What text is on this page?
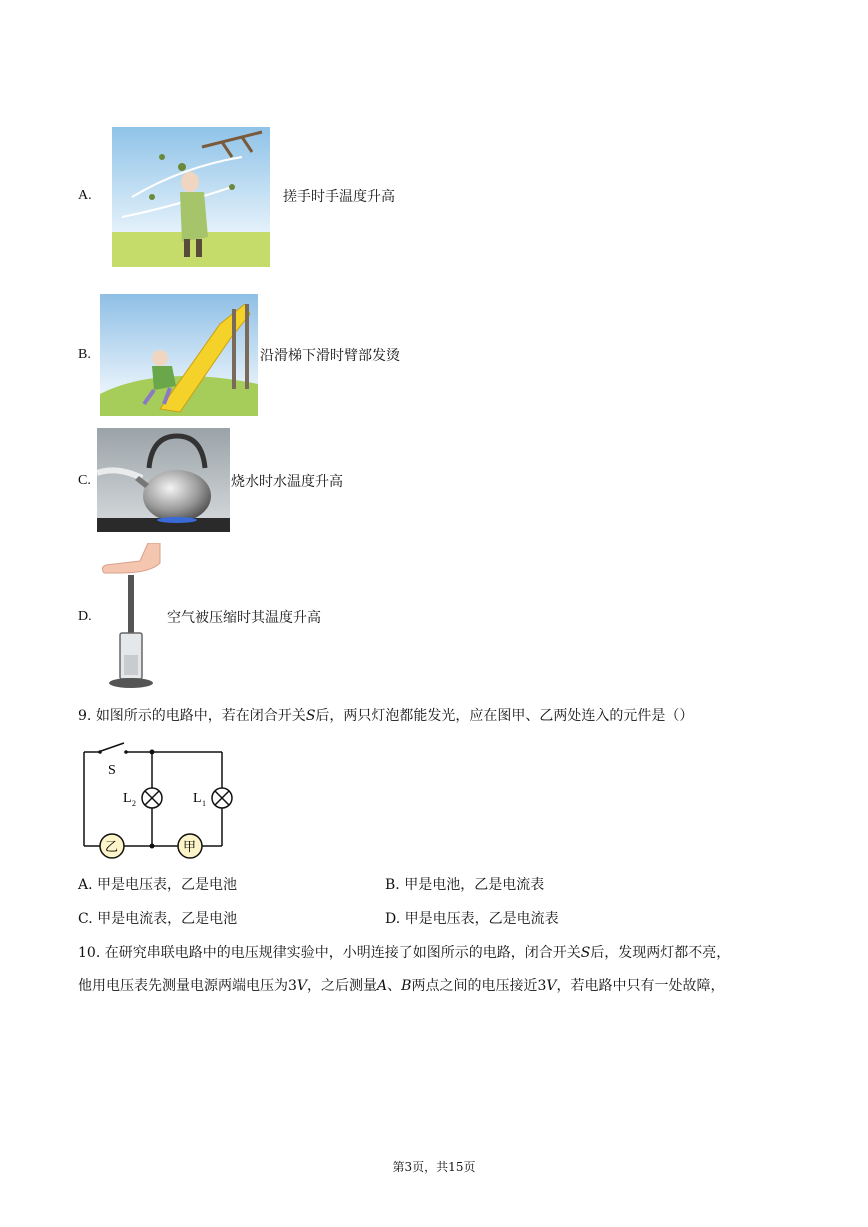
A.	搓手时手温度升高
B.	沿滑梯下滑时臂部发烫
C.	烧水时水温度升高
D.	空气被压缩时其温度升高
9. 如图所示的电路中，若在闭合开关S后，两只灯泡都能发光，应在图甲、乙两处连入的元件是（）
S
L 2	L 1
乙	甲
A. 甲是电压表，乙是电池	B. 甲是电池，乙是电流表
C. 甲是电流表，乙是电池	D. 甲是电压表，乙是电流表
10. 在研究串联电路中的电压规律实验中，小明连接了如图所示的电路，闭合开关S后，发现两灯都不亮，
他用电压表先测量电源两端电压为3V，之后测量A、B两点之间的电压接近3V，若电路中只有一处故障，
第3页，共15页
